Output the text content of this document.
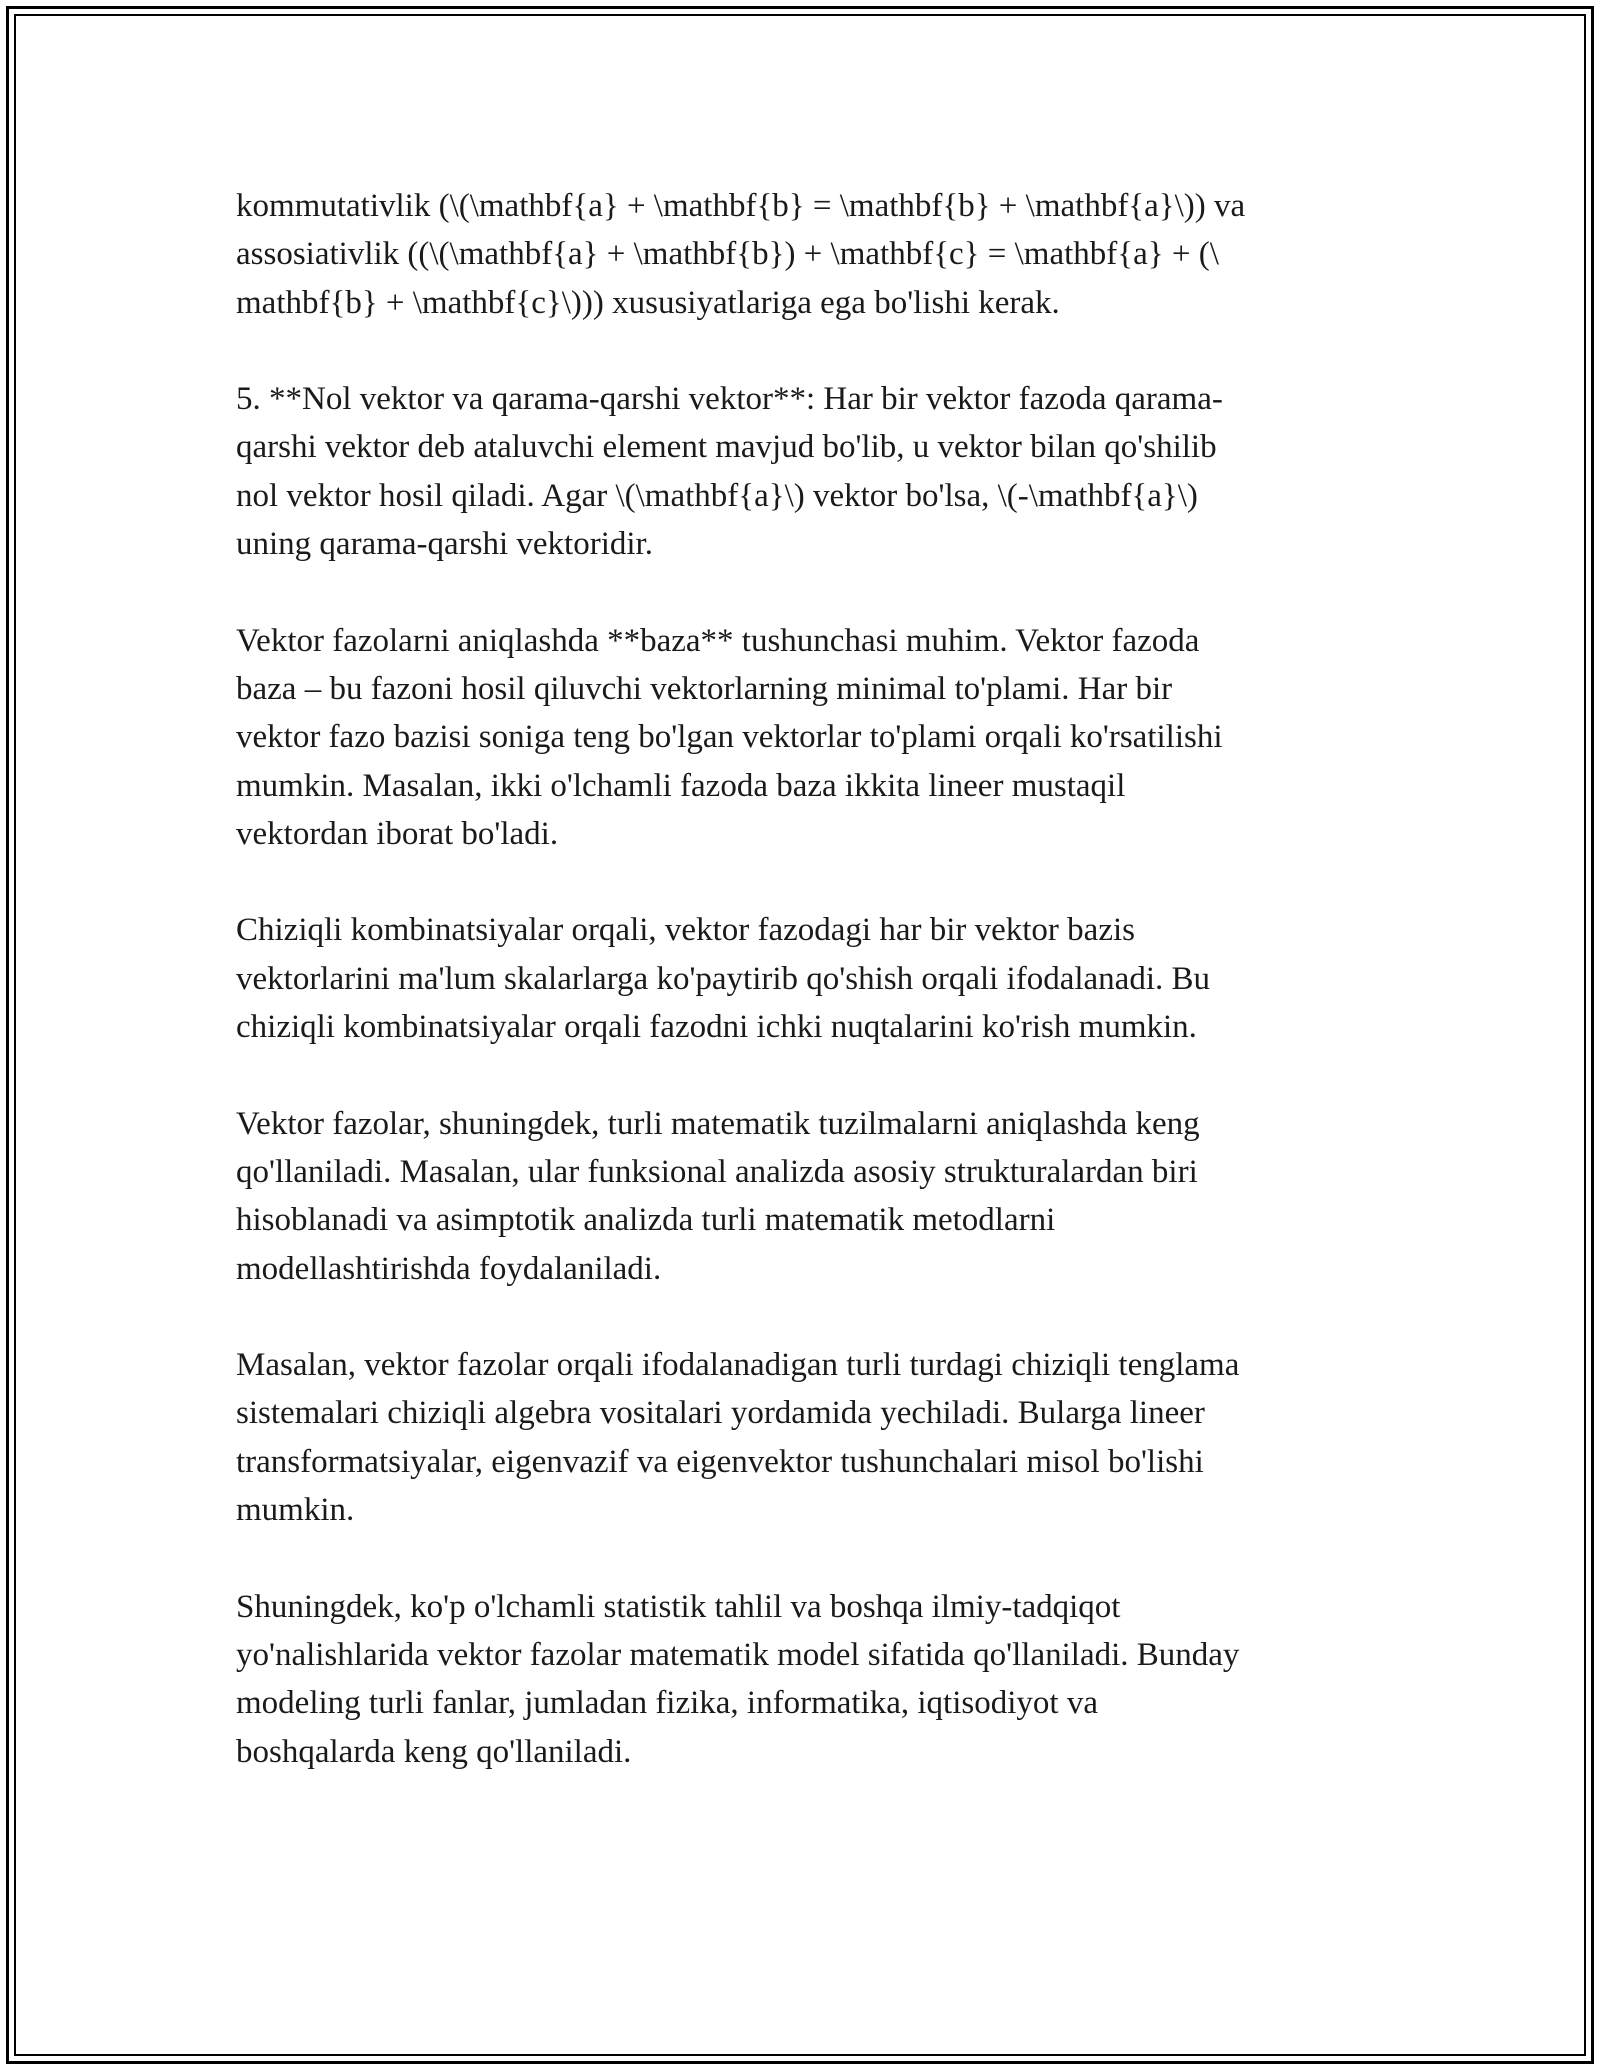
kommutativlik (\(\mathbf{a} + \mathbf{b} = \mathbf{b} + \mathbf{a}\)) va
assosiativlik ((\(\mathbf{a} + \mathbf{b}) + \mathbf{c} = \mathbf{a} + (\
mathbf{b} + \mathbf{c}\))) xususiyatlariga ega bo'lishi kerak.

5. **Nol vektor va qarama-qarshi vektor**: Har bir vektor fazoda qarama-
qarshi vektor deb ataluvchi element mavjud bo'lib, u vektor bilan qo'shilib
nol vektor hosil qiladi. Agar \(\mathbf{a}\) vektor bo'lsa, \(-\mathbf{a}\)
uning qarama-qarshi vektoridir.

Vektor fazolarni aniqlashda **baza** tushunchasi muhim. Vektor fazoda
baza – bu fazoni hosil qiluvchi vektorlarning minimal to'plami. Har bir
vektor fazo bazisi soniga teng bo'lgan vektorlar to'plami orqali ko'rsatilishi
mumkin. Masalan, ikki o'lchamli fazoda baza ikkita lineer mustaqil
vektordan iborat bo'ladi.

Chiziqli kombinatsiyalar orqali, vektor fazodagi har bir vektor bazis
vektorlarini ma'lum skalarlarga ko'paytirib qo'shish orqali ifodalanadi. Bu
chiziqli kombinatsiyalar orqali fazodni ichki nuqtalarini ko'rish mumkin.

Vektor fazolar, shuningdek, turli matematik tuzilmalarni aniqlashda keng
qo'llaniladi. Masalan, ular funksional analizda asosiy strukturalardan biri
hisoblanadi va asimptotik analizda turli matematik metodlarni
modellashtirishda foydalaniladi.

Masalan, vektor fazolar orqali ifodalanadigan turli turdagi chiziqli tenglama
sistemalari chiziqli algebra vositalari yordamida yechiladi. Bularga lineer
transformatsiyalar, eigenvazif va eigenvektor tushunchalari misol bo'lishi
mumkin.

Shuningdek, ko'p o'lchamli statistik tahlil va boshqa ilmiy-tadqiqot
yo'nalishlarida vektor fazolar matematik model sifatida qo'llaniladi. Bunday
modeling turli fanlar, jumladan fizika, informatika, iqtisodiyot va
boshqalarda keng qo'llaniladi.
